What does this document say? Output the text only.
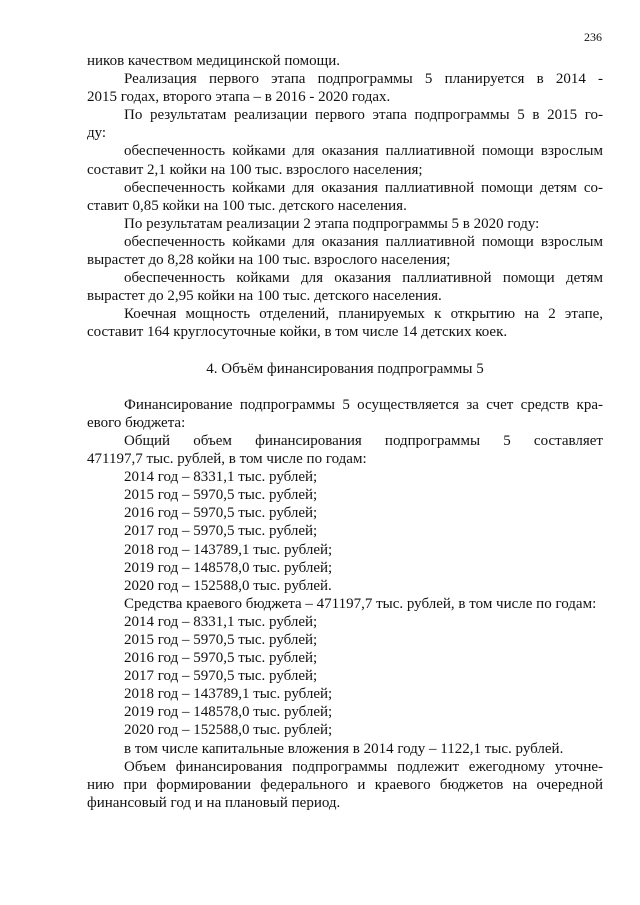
236
ников качеством медицинской помощи.
Реализация первого этапа подпрограммы 5 планируется в 2014 -
2015 годах, второго этапа – в 2016 - 2020 годах.
По результатам реализации первого этапа подпрограммы 5 в 2015 го-
ду:
обеспеченность койками для оказания паллиативной помощи взрослым
составит 2,1 койки на 100 тыс. взрослого населения;
обеспеченность койками для оказания паллиативной помощи детям со-
ставит 0,85 койки на 100 тыс. детского населения.
По результатам реализации 2 этапа подпрограммы 5 в 2020 году:
обеспеченность койками для оказания паллиативной помощи взрослым
вырастет до 8,28 койки на 100 тыс. взрослого населения;
обеспеченность койками для оказания паллиативной помощи детям
вырастет до 2,95 койки на 100 тыс. детского населения.
Коечная мощность отделений, планируемых к открытию на 2 этапе,
составит 164 круглосуточные койки, в том числе 14 детских коек.
4. Объём финансирования подпрограммы 5
Финансирование подпрограммы 5 осуществляется за счет средств кра-
евого бюджета:
Общий объем финансирования подпрограммы 5 составляет
471197,7 тыс. рублей, в том числе по годам:
2014 год – 8331,1 тыс. рублей;
2015 год – 5970,5 тыс. рублей;
2016 год – 5970,5 тыс. рублей;
2017 год – 5970,5 тыс. рублей;
2018 год – 143789,1 тыс. рублей;
2019 год – 148578,0 тыс. рублей;
2020 год – 152588,0 тыс. рублей.
Средства краевого бюджета – 471197,7 тыс. рублей, в том числе по годам:
2014 год – 8331,1 тыс. рублей;
2015 год – 5970,5 тыс. рублей;
2016 год – 5970,5 тыс. рублей;
2017 год – 5970,5 тыс. рублей;
2018 год – 143789,1 тыс. рублей;
2019 год – 148578,0 тыс. рублей;
2020 год – 152588,0 тыс. рублей;
в том числе капитальные вложения в 2014 году – 1122,1 тыс. рублей.
Объем финансирования подпрограммы подлежит ежегодному уточне-
нию при формировании федерального и краевого бюджетов на очередной
финансовый год и на плановый период.
